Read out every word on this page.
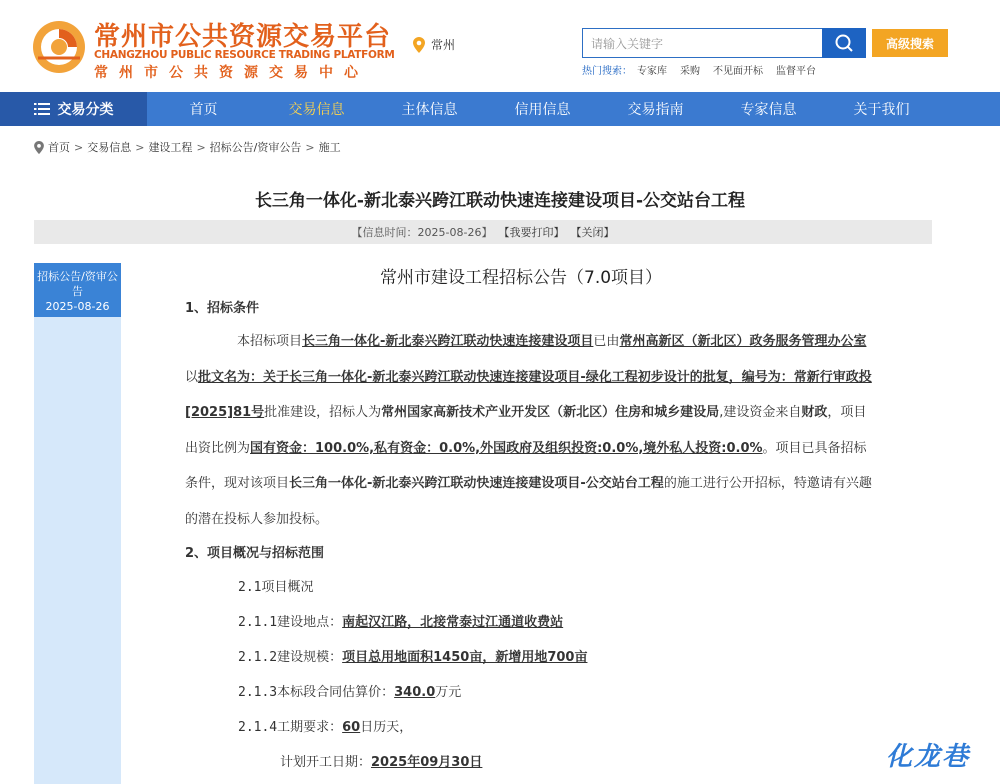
常州市公共资源交易平台
CHANGZHOU PUBLIC RESOURCE TRADING PLATFORM
常州市公共资源交易中心
常州	请输入关键字	高级搜索
热门搜索： 专家库 采购 不见面开标 监督平台
交易分类	首页	交易信息	主体信息	信用信息	交易指南	专家信息	关于我们
首页 > 交易信息 > 建设工程 > 招标公告/资审公告 > 施工
长三角一体化-新北泰兴跨江联动快速连接建设项目-公交站台工程
【信息时间：2025-08-26】 【我要打印】 【关闭】
招标公告/资审公告
2025-08-26
常州市建设工程招标公告（7.0项目）
1、招标条件
本招标项目长三角一体化-新北泰兴跨江联动快速连接建设项目已由常州高新区（新北区）政务服务管理办公室以批文名为：关于长三角一体化-新北泰兴跨江联动快速连接建设项目-绿化工程初步设计的批复，编号为：常新行审政投[2025]81号批准建设，招标人为常州国家高新技术产业开发区（新北区）住房和城乡建设局,建设资金来自财政，项目出资比例为国有资金：100.0%,私有资金：0.0%,外国政府及组织投资:0.0%,境外私人投资:0.0%。项目已具备招标条件，现对该项目长三角一体化-新北泰兴跨江联动快速连接建设项目-公交站台工程的施工进行公开招标，特邀请有兴趣的潜在投标人参加投标。
2、项目概况与招标范围
2.1项目概况
2.1.1建设地点：南起汉江路，北接常泰过江通道收费站
2.1.2建设规模：项目总用地面积1450亩，新增用地700亩
2.1.3本标段合同估算价：340.0万元
2.1.4工期要求：60日历天，
计划开工日期：2025年09月30日	化龙巷
